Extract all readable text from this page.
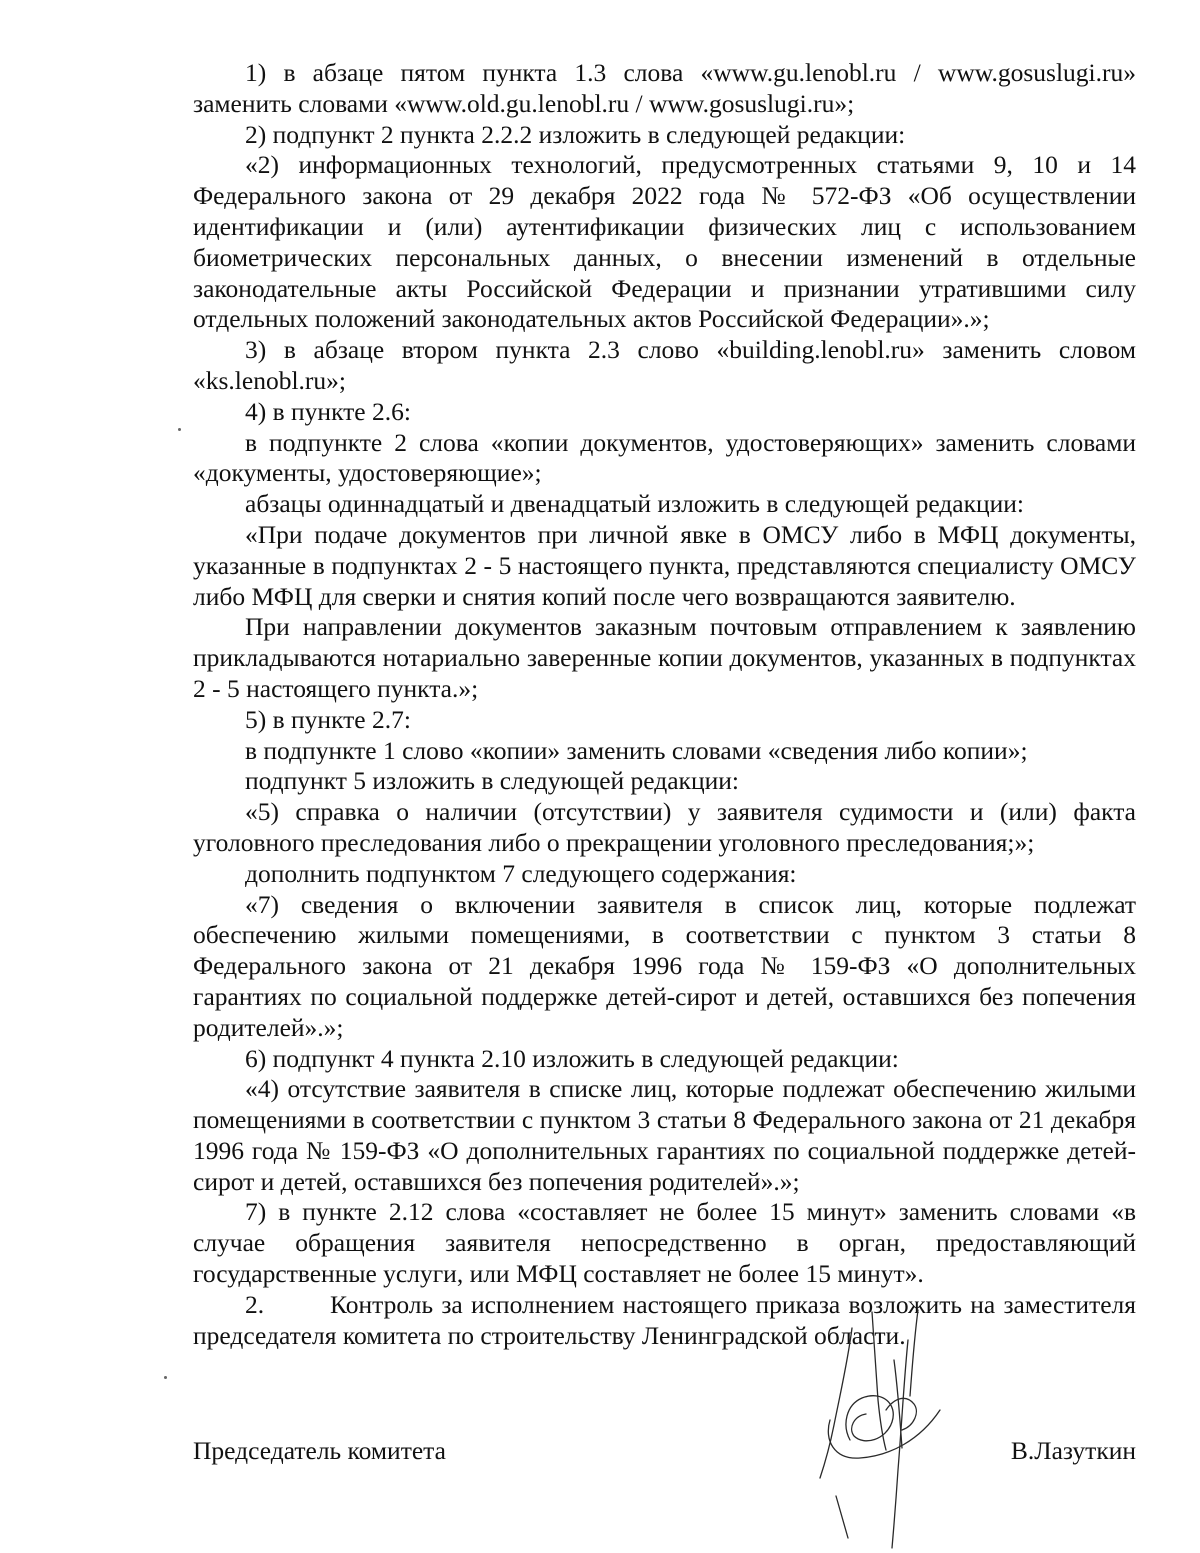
1) в абзаце пятом пункта 1.3 слова «www.gu.lenobl.ru / www.gosuslugi.ru» заменить словами «www.old.gu.lenobl.ru / www.gosuslugi.ru»;

2) подпункт 2 пункта 2.2.2 изложить в следующей редакции:

«2) информационных технологий, предусмотренных статьями 9, 10 и 14 Федерального закона от 29 декабря 2022 года № 572-ФЗ «Об осуществлении идентификации и (или) аутентификации физических лиц с использованием биометрических персональных данных, о внесении изменений в отдельные законодательные акты Российской Федерации и признании утратившими силу отдельных положений законодательных актов Российской Федерации».»;

3) в абзаце втором пункта 2.3 слово «building.lenobl.ru» заменить словом «ks.lenobl.ru»;

4) в пункте 2.6:

в подпункте 2 слова «копии документов, удостоверяющих» заменить словами «документы, удостоверяющие»;

абзацы одиннадцатый и двенадцатый изложить в следующей редакции:

«При подаче документов при личной явке в ОМСУ либо в МФЦ документы, указанные в подпунктах 2 - 5 настоящего пункта, представляются специалисту ОМСУ либо МФЦ для сверки и снятия копий после чего возвращаются заявителю.

При направлении документов заказным почтовым отправлением к заявлению прикладываются нотариально заверенные копии документов, указанных в подпунктах 2 - 5 настоящего пункта.»;

5) в пункте 2.7:

в подпункте 1 слово «копии» заменить словами «сведения либо копии»;

подпункт 5 изложить в следующей редакции:

«5) справка о наличии (отсутствии) у заявителя судимости и (или) факта уголовного преследования либо о прекращении уголовного преследования;»;

дополнить подпунктом 7 следующего содержания:

«7) сведения о включении заявителя в список лиц, которые подлежат обеспечению жилыми помещениями, в соответствии с пунктом 3 статьи 8 Федерального закона от 21 декабря 1996 года № 159-ФЗ «О дополнительных гарантиях по социальной поддержке детей-сирот и детей, оставшихся без попечения родителей».»;

6) подпункт 4 пункта 2.10 изложить в следующей редакции:

«4) отсутствие заявителя в списке лиц, которые подлежат обеспечению жилыми помещениями в соответствии с пунктом 3 статьи 8 Федерального закона от 21 декабря 1996 года № 159-ФЗ «О дополнительных гарантиях по социальной поддержке детей-сирот и детей, оставшихся без попечения родителей».»;

7) в пункте 2.12 слова «составляет не более 15 минут» заменить словами «в случае обращения заявителя непосредственно в орган, предоставляющий государственные услуги, или МФЦ составляет не более 15 минут».

2.        Контроль за исполнением настоящего приказа возложить на заместителя председателя комитета по строительству Ленинградской области.

Председатель комитета	В.Лазуткин
